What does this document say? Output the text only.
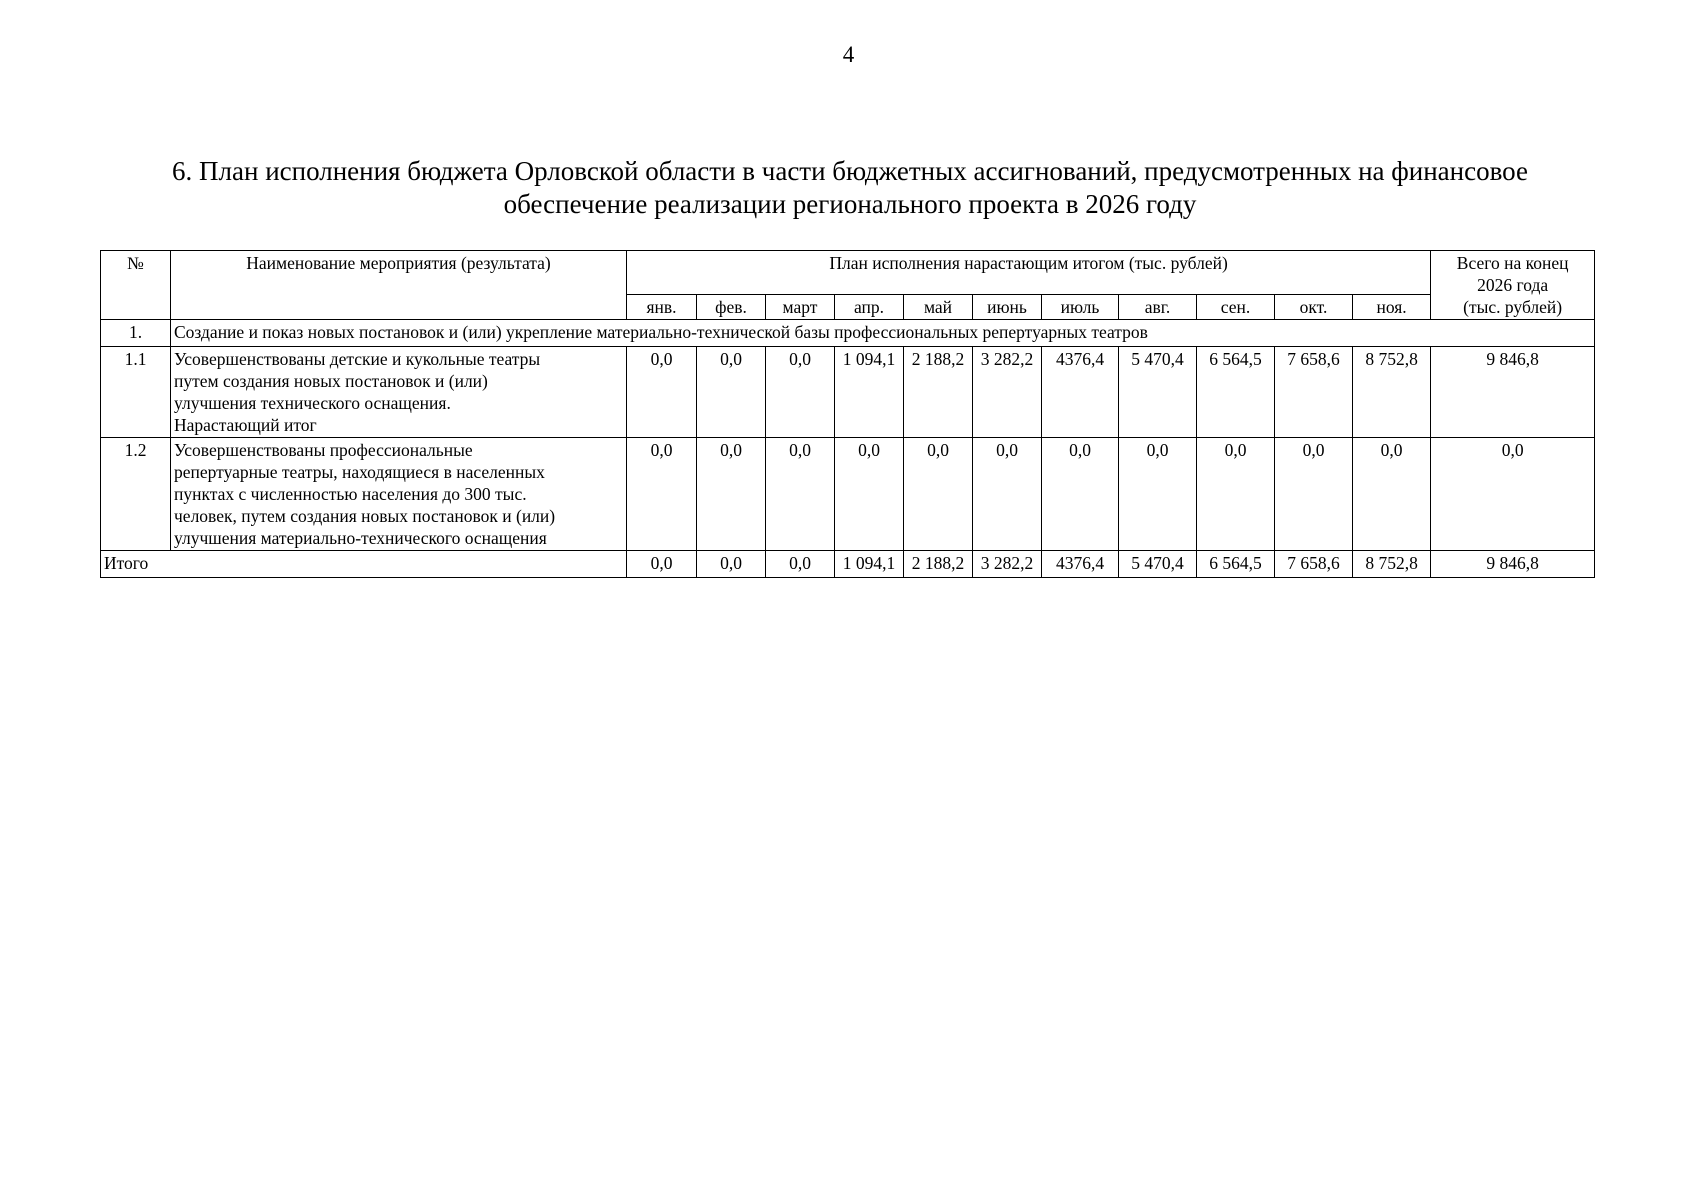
4
6. План исполнения бюджета Орловской области в части бюджетных ассигнований, предусмотренных на финансовое
обеспечение реализации регионального проекта в 2026 году
№	Наименование мероприятия (результата)	План исполнения нарастающим итогом (тыс. рублей)											Всего на конец
2026 года
(тыс. рублей)
		янв.	фев.	март	апр.	май	июнь	июль	авг.	сен.	окт.	ноя.	
1.	Создание и показ новых постановок и (или) укрепление материально-технической базы профессиональных репертуарных театров												
1.1	Усовершенствованы детские и кукольные театры
путем создания новых постановок и (или)
улучшения технического оснащения.
Нарастающий итог	0,0	0,0	0,0	1 094,1	2 188,2	3 282,2	4376,4	5 470,4	6 564,5	7 658,6	8 752,8	9 846,8
1.2	Усовершенствованы профессиональные
репертуарные театры, находящиеся в населенных
пунктах с численностью населения до 300 тыс.
человек, путем создания новых постановок и (или)
улучшения материально-технического оснащения	0,0	0,0	0,0	0,0	0,0	0,0	0,0	0,0	0,0	0,0	0,0	0,0
Итого		0,0	0,0	0,0	1 094,1	2 188,2	3 282,2	4376,4	5 470,4	6 564,5	7 658,6	8 752,8	9 846,8
